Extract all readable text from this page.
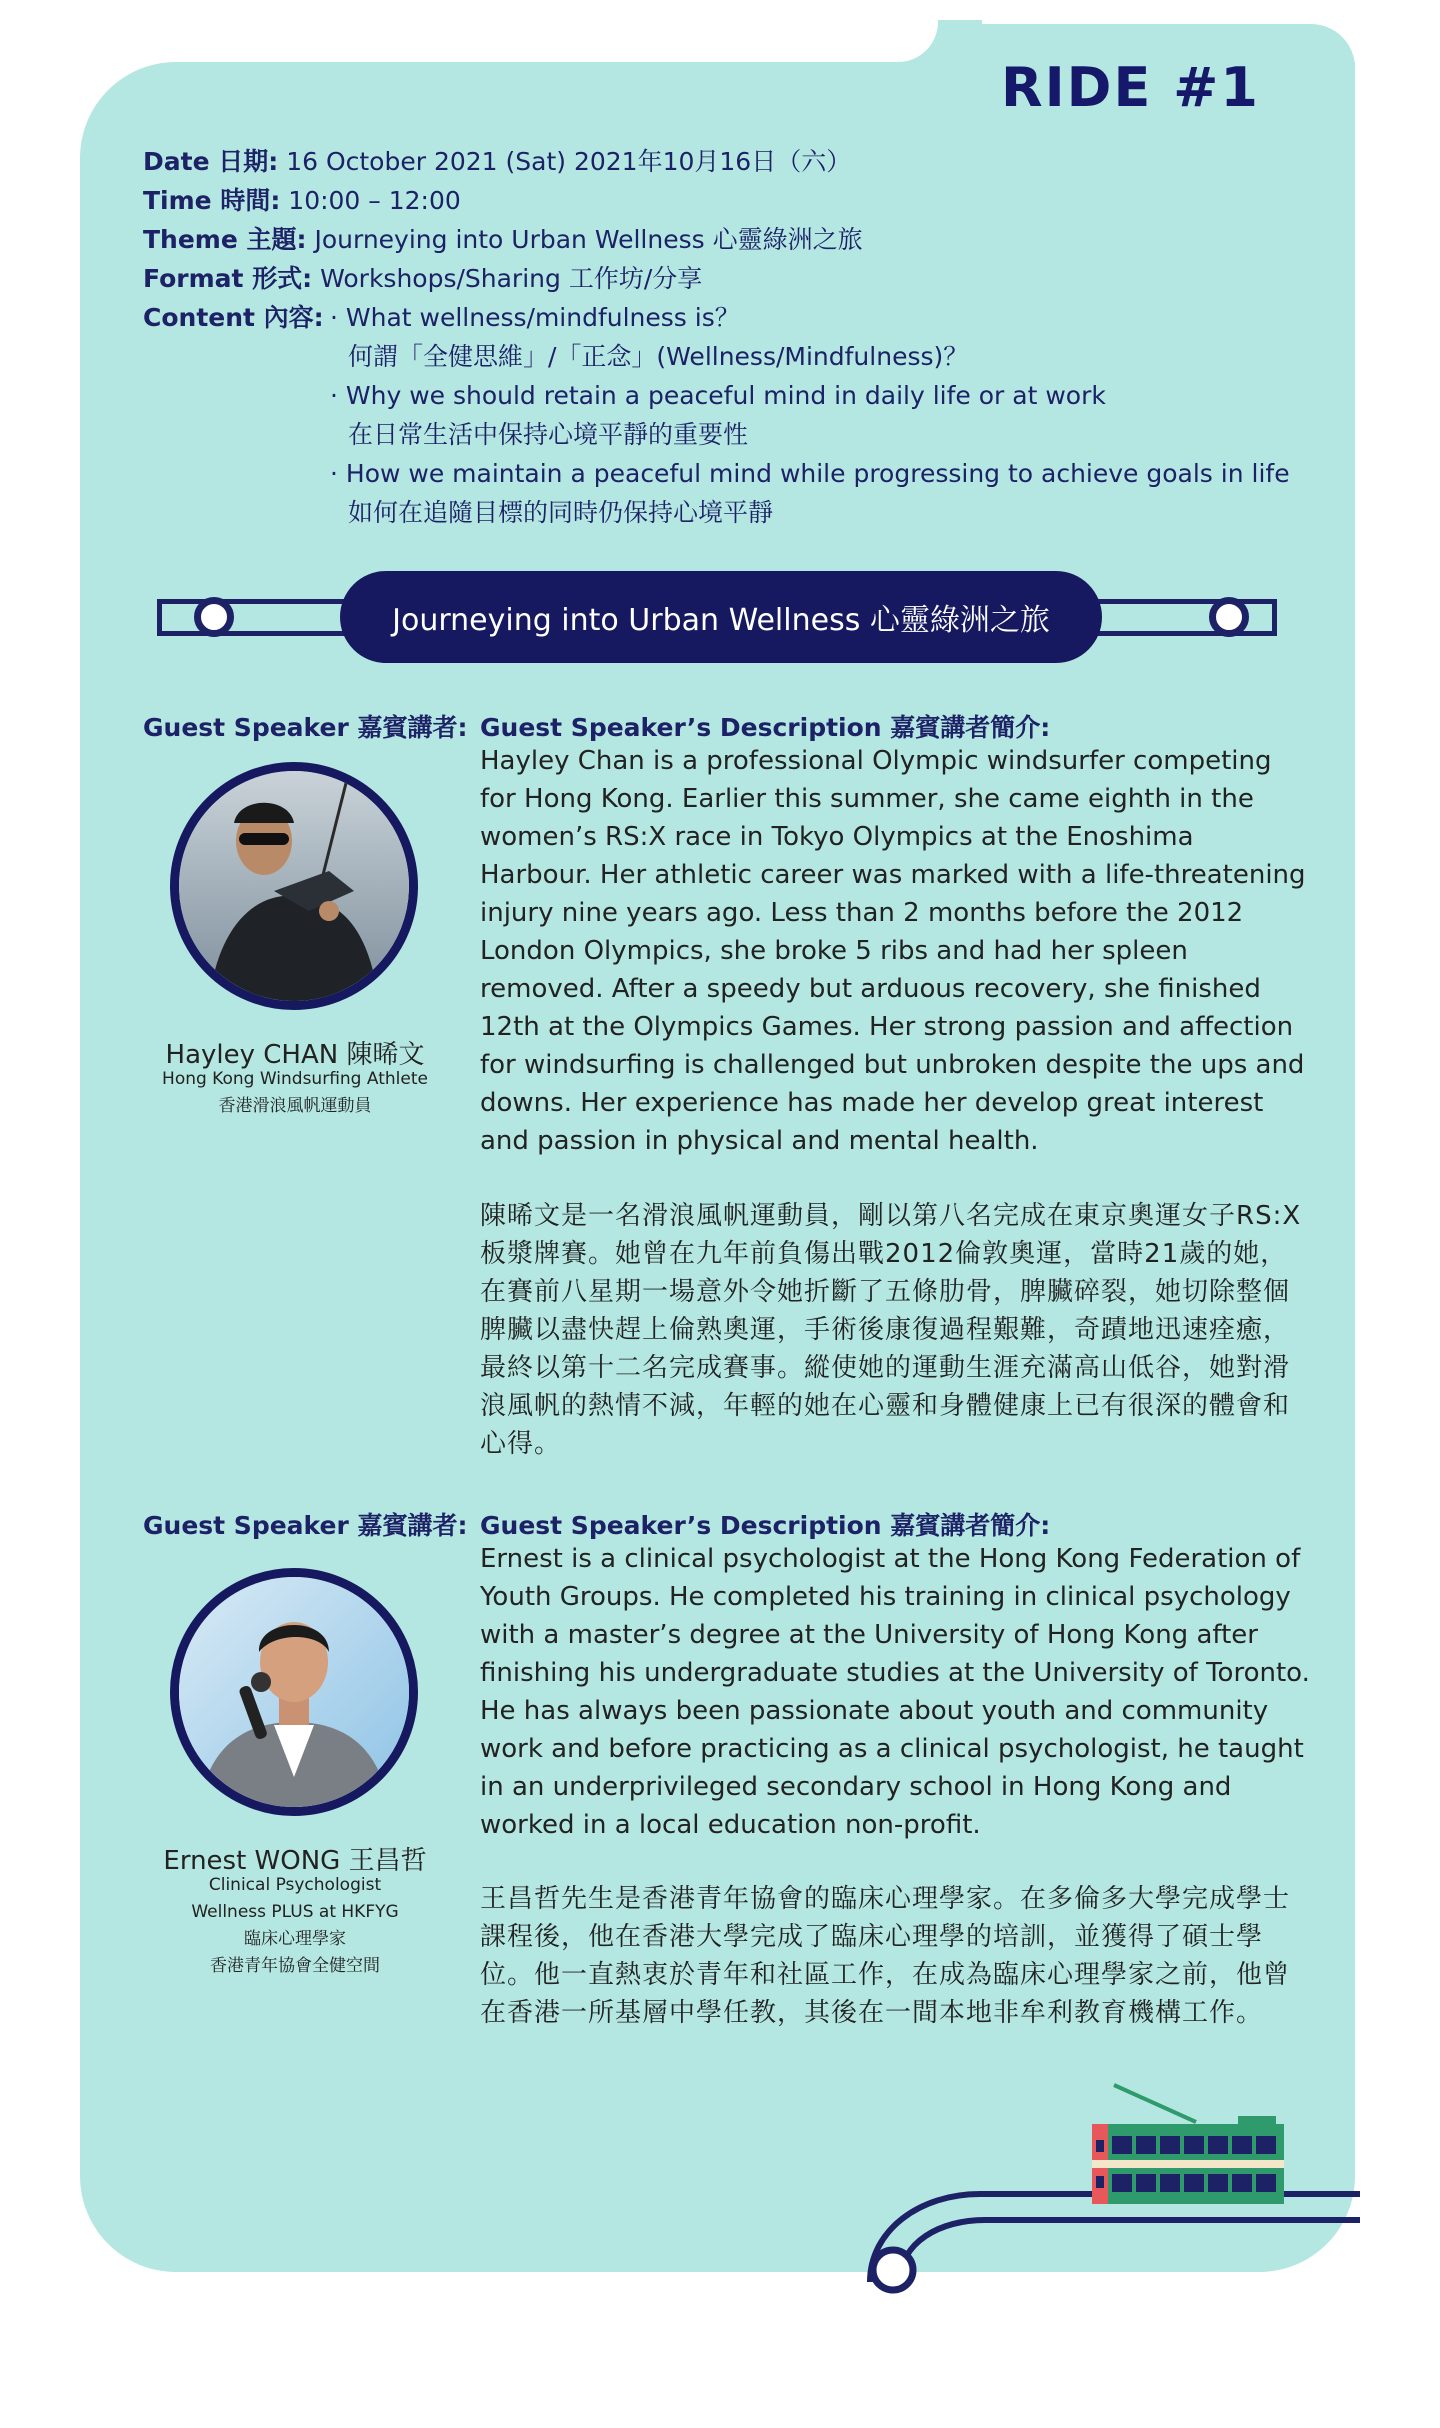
RIDE #1
Date 日期: 16 October 2021 (Sat) 2021年10月16日（六）
Time 時間: 10:00 – 12:00
Theme 主題: Journeying into Urban Wellness 心靈綠洲之旅
Format 形式: Workshops/Sharing 工作坊/分享
Content 內容: · What wellness/mindfulness is？
何謂「全健思維」/「正念」(Wellness/Mindfulness)？
· Why we should retain a peaceful mind in daily life or at work
在日常生活中保持心境平靜的重要性
· How we maintain a peaceful mind while progressing to achieve goals in life
如何在追隨目標的同時仍保持心境平靜
Journeying into Urban Wellness 心靈綠洲之旅
Guest Speaker 嘉賓講者: Guest Speaker’s Description 嘉賓講者簡介:
Hayley CHAN 陳晞文
Hong Kong Windsurfing Athlete
香港滑浪風帆運動員
Hayley Chan is a professional Olympic windsurfer competing for Hong Kong. Earlier this summer, she came eighth in the women’s RS:X race in Tokyo Olympics at the Enoshima Harbour. Her athletic career was marked with a life-threatening injury nine years ago. Less than 2 months before the 2012 London Olympics, she broke 5 ribs and had her spleen removed. After a speedy but arduous recovery, she finished 12th at the Olympics Games. Her strong passion and affection for windsurfing is challenged but unbroken despite the ups and downs. Her experience has made her develop great interest and passion in physical and mental health.
陳晞文是一名滑浪風帆運動員，剛以第八名完成在東京奧運女子RS:X板漿牌賽。她曾在九年前負傷出戰2012倫敦奧運，當時21歲的她，在賽前八星期一場意外令她折斷了五條肋骨，脾臟碎裂，她切除整個脾臟以盡快趕上倫熟奧運，手術後康復過程艱難，奇蹟地迅速痊癒，最終以第十二名完成賽事。縱使她的運動生涯充滿高山低谷，她對滑浪風帆的熱情不減，年輕的她在心靈和身體健康上已有很深的體會和心得。
Guest Speaker 嘉賓講者: Guest Speaker’s Description 嘉賓講者簡介:
Ernest WONG 王昌哲
Clinical Psychologist
Wellness PLUS at HKFYG
臨床心理學家
香港青年協會全健空間
Ernest is a clinical psychologist at the Hong Kong Federation of Youth Groups. He completed his training in clinical psychology with a master’s degree at the University of Hong Kong after finishing his undergraduate studies at the University of Toronto. He has always been passionate about youth and community work and before practicing as a clinical psychologist, he taught in an underprivileged secondary school in Hong Kong and worked in a local education non-profit.
王昌哲先生是香港青年協會的臨床心理學家。在多倫多大學完成學士課程後，他在香港大學完成了臨床心理學的培訓，並獲得了碩士學位。他一直熱衷於青年和社區工作，在成為臨床心理學家之前，他曾在香港一所基層中學任教，其後在一間本地非牟利教育機構工作。
